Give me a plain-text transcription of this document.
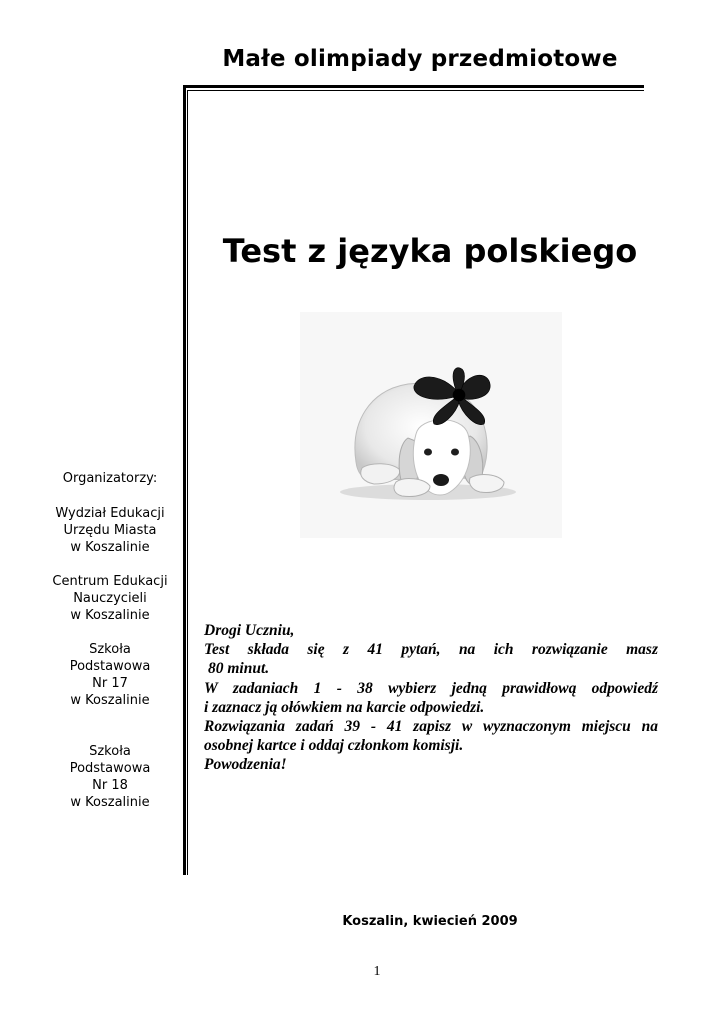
Małe olimpiady przedmiotowe
Test z języka polskiego
Organizatorzy:
Wydział Edukacji
Urzędu Miasta
w Koszalinie
Centrum Edukacji
Nauczycieli
w Koszalinie
Szkoła
Podstawowa
Nr 17
w Koszalinie
Szkoła
Podstawowa
Nr 18
w Koszalinie

Drogi Uczniu,

Test składa się z 41 pytań, na ich rozwiązanie masz

80 minut.

W zadaniach 1 - 38 wybierz jedną prawidłową odpowiedź

i zaznacz ją ołówkiem na karcie odpowiedzi.

Rozwiązania zadań 39 - 41 zapisz w wyznaczonym miejscu na

osobnej kartce i oddaj członkom komisji.

Powodzenia!

Koszalin, kwiecień 2009
1
